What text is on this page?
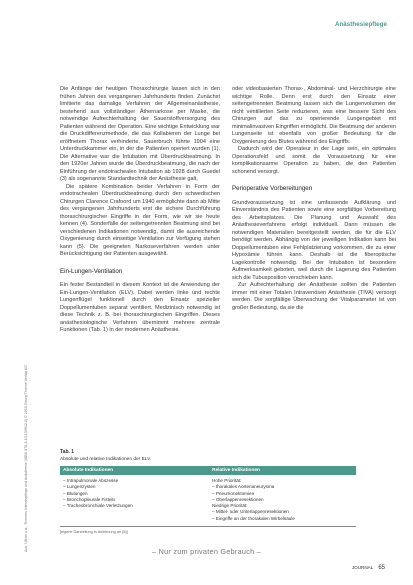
Anästhesiepflege
Aus: Ullrich u.a., Thiemes Intensivpflege und Anästhesie (ISBN 978-3-13-130942-2) © 2010 Georg Thieme Verlag KG

Die Anfänge der heutigen Thoraxchirurgie lassen sich in den frühen Jahren des vergangenen Jahrhunderts finden. Zunächst limitierte das damalige Verfahren der Allgemeinanästhesie, bestehend aus vollständiger Äthernarkose per Maske, die notwendige Aufrechterhaltung der Sauerstoffversorgung des Patienten während der Operation. Eine wichtige Entwicklung war die Druckdifferenzmethode, die das Kollabieren der Lunge bei eröffnetem Thorax verhinderte. Sauerbruch führte 1904 eine Unterdruckkammer ein, in der die Patienten operiert wurden (1). Die Alternative war die Intubation mit Überdruckbeatmung. In den 1920er Jahren wurde die Überdruckbeatmung, die nach der Einführung der endotrachealen Intubation ab 1928 durch Guedel (3) als sogenannte Standardtechnik der Anästhesie galt,

Die spätere Kombination beider Verfahren in Form der endotrachealen Überdruckbeatmung durch den schwedischen Chirurgen Clarence Crafoord um 1940 ermöglichte dann ab Mitte des vergangenen Jahrhunderts erst die sichere Durchführung thoraxchirurgischer Eingriffe in der Form, wie wir sie heute kennen (4). Sonderfälle der seitengetrennten Beatmung sind bei verschiedenen Indikationen notwendig, damit die ausreichende Oxygenierung durch einseitige Ventilation zur Verfügung stehen kann (5). Die geeigneten Narkoseverfahren werden unter Berücksichtigung der Patienten ausgewählt.

Ein-Lungen-Ventilation

Ein fester Bestandteil in diesem Kontext ist die Anwendung der Ein-Lungen-Ventilation (ELV). Dabei werden linke und rechte Lungenflügel funktionell durch den Einsatz spezieller Doppellumentuben separat ventiliert. Medizinisch notwendig ist diese Technik z. B. bei thoraxchirurgischen Eingriffen. Dieses anästhesiologische Verfahren übernimmt mehrere zentrale Funktionen (Tab. 1) in der modernen Anästhesie.

oder videobasierten Thorax-, Abdominal- und Herzchirurgie eine wichtige Rolle. Denn erst durch den Einsatz einer seitengetrennten Beatmung lassen sich die Lungenvolumen der nicht ventilierten Seite reduzieren, was eine bessere Sicht des Chirurgen auf das zu operierende Lungengebiet mit minimalinvasiven Eingriffen ermöglicht. Die Beatmung der anderen Lungenseite ist ebenfalls von großer Bedeutung für die Oxygenierung des Blutes während des Eingriffs.

Dadurch wird der Operateur in der Lage sein, ein optimales Operationsfeld und somit die Voraussetzung für eine komplikationsarme Operation zu haben, die den Patienten schonend versorgt.

Perioperative Vorbereitungen

Grundvoraussetzung ist eine umfassende Aufklärung und Einverständnis des Patienten sowie eine sorgfältige Vorbereitung des Arbeitsplatzes. Die Planung und Auswahl des Anästhesieverfahrens erfolgt individuell. Dann müssen die notwendigen Materialien bereitgestellt werden, die für die ELV benötigt werden. Abhängig von der jeweiligen Indikation kann bei Doppellumentuben eine Fehlplatzierung vorkommen, die zu einer Hypoxämie führen kann. Deshalb ist die fiberoptische Lagekontrolle notwendig. Bei der Intubation ist besondere Aufmerksamkeit geboten, weil durch die Lagerung des Patienten sich die Tubusposition verschieben kann.

Zur Aufrechterhaltung der Anästhesie sollten die Patienten immer mit einer Totalen Intravenösen Anästhesie (TIVA) versorgt werden. Die sorgfältige Überwachung der Vitalparameter ist von großer Bedeutung, da sie die

Tab. 1
Absolute und relative Indikationen der ELV.
Absolute Indikationen	Relative Indikationen
– Intrapulmonale Abszesse
– Lungenzysten
– Blutungen
– Bronchopleurale Fisteln
– Tracheobronchiale Verletzungen
Hohe Priorität:
– thorakales Aortenaneurysma
– Pneumonektomien
– Oberlappenresektionen
Niedrige Priorität:
– Mittel- oder Unterlappenresektionen
– Eingriffe an der thorakalen Wirbelsäule
[eigene Darstellung in Anlehnung an (8)]
– Nur zum privaten Gebrauch –
JOURNAL 65
